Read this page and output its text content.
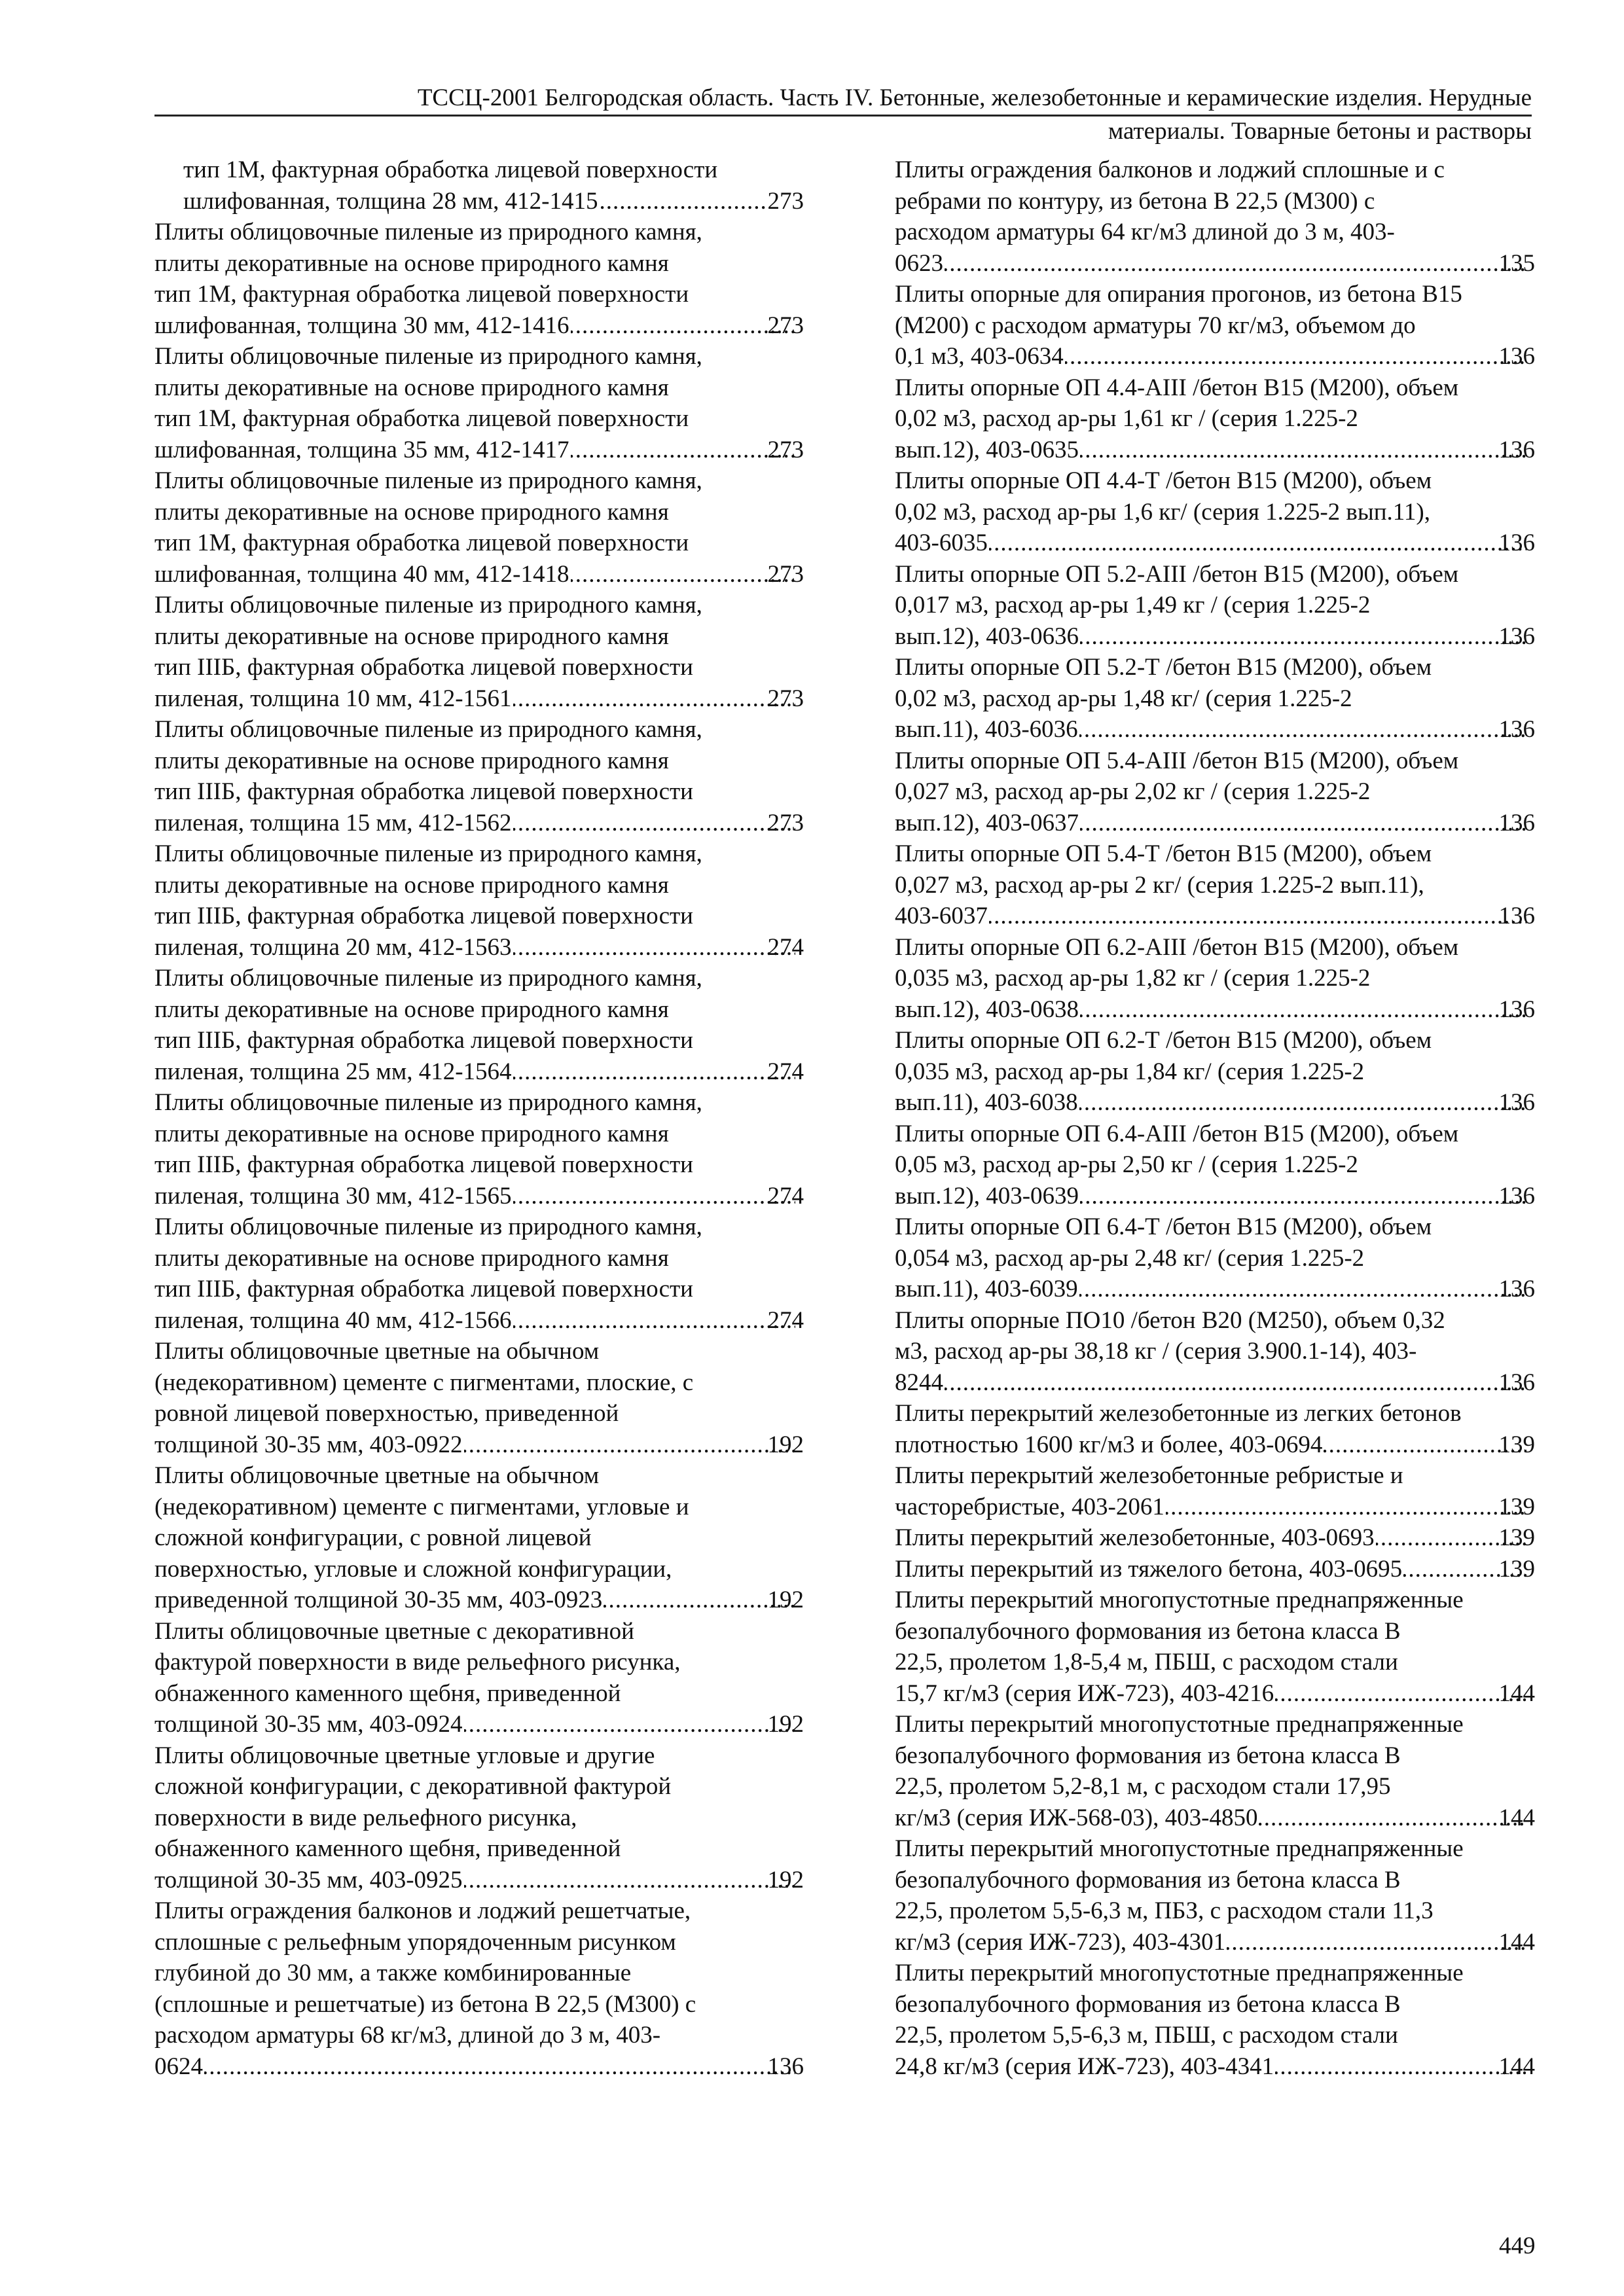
ТССЦ-2001 Белгородская область. Часть IV. Бетонные, железобетонные и керамические изделия. Нерудные
материалы. Товарные бетоны и растворы
тип 1М, фактурная обработка лицевой поверхности
шлифованная, толщина 28 мм, 412-1415 .....	273
Плиты облицовочные пиленые из природного камня,
плиты декоративные на основе природного камня
тип 1М, фактурная обработка лицевой поверхности
шлифованная, толщина 30 мм, 412-1416 .....	273
Плиты облицовочные пиленые из природного камня,
плиты декоративные на основе природного камня
тип 1М, фактурная обработка лицевой поверхности
шлифованная, толщина 35 мм, 412-1417 .....	273
Плиты облицовочные пиленые из природного камня,
плиты декоративные на основе природного камня
тип 1М, фактурная обработка лицевой поверхности
шлифованная, толщина 40 мм, 412-1418 .....	273
Плиты облицовочные пиленые из природного камня,
плиты декоративные на основе природного камня
тип IIIБ, фактурная обработка лицевой поверхности
пиленая, толщина 10 мм, 412-1561 .....	273
Плиты облицовочные пиленые из природного камня,
плиты декоративные на основе природного камня
тип IIIБ, фактурная обработка лицевой поверхности
пиленая, толщина 15 мм, 412-1562 .....	273
Плиты облицовочные пиленые из природного камня,
плиты декоративные на основе природного камня
тип IIIБ, фактурная обработка лицевой поверхности
пиленая, толщина 20 мм, 412-1563 .....	274
Плиты облицовочные пиленые из природного камня,
плиты декоративные на основе природного камня
тип IIIБ, фактурная обработка лицевой поверхности
пиленая, толщина 25 мм, 412-1564 .....	274
Плиты облицовочные пиленые из природного камня,
плиты декоративные на основе природного камня
тип IIIБ, фактурная обработка лицевой поверхности
пиленая, толщина 30 мм, 412-1565 .....	274
Плиты облицовочные пиленые из природного камня,
плиты декоративные на основе природного камня
тип IIIБ, фактурная обработка лицевой поверхности
пиленая, толщина 40 мм, 412-1566 .....	274
Плиты облицовочные цветные на обычном
(недекоративном) цементе с пигментами, плоские, с
ровной лицевой поверхностью, приведенной
толщиной 30-35 мм, 403-0922 .....	192
Плиты облицовочные цветные на обычном
(недекоративном) цементе с пигментами, угловые и
сложной конфигурации, с ровной лицевой
поверхностью, угловые и сложной конфигурации,
приведенной толщиной 30-35 мм, 403-0923 .....	192
Плиты облицовочные цветные с декоративной
фактурой поверхности в виде рельефного рисунка,
обнаженного каменного щебня, приведенной
толщиной 30-35 мм, 403-0924 .....	192
Плиты облицовочные цветные угловые и другие
сложной конфигурации, с декоративной фактурой
поверхности в виде рельефного рисунка,
обнаженного каменного щебня, приведенной
толщиной 30-35 мм, 403-0925 .....	192
Плиты ограждения балконов и лоджий решетчатые,
сплошные с рельефным упорядоченным рисунком
глубиной до 30 мм, а также комбинированные
(сплошные и решетчатые) из бетона В 22,5 (М300) с
расходом арматуры 68 кг/м3, длиной до 3 м, 403-
0624 .....	136
Плиты ограждения балконов и лоджий сплошные и с
ребрами по контуру, из бетона В 22,5 (М300) с
расходом арматуры 64 кг/м3 длиной до 3 м, 403-
0623 .....	135
Плиты опорные для опирания прогонов, из бетона В15
(М200) с расходом арматуры 70 кг/м3, объемом до
0,1 м3, 403-0634 .....	136
Плиты опорные ОП 4.4-АIII /бетон В15 (М200), объем
0,02 м3, расход ар-ры 1,61 кг / (серия 1.225-2
вып.12), 403-0635 .....	136
Плиты опорные ОП 4.4-Т /бетон В15 (М200), объем
0,02 м3, расход ар-ры 1,6 кг/ (серия 1.225-2 вып.11),
403-6035 .....	136
Плиты опорные ОП 5.2-АIII /бетон В15 (М200), объем
0,017 м3, расход ар-ры 1,49 кг / (серия 1.225-2
вып.12), 403-0636 .....	136
Плиты опорные ОП 5.2-Т /бетон В15 (М200), объем
0,02 м3, расход ар-ры 1,48 кг/ (серия 1.225-2
вып.11), 403-6036 .....	136
Плиты опорные ОП 5.4-АIII /бетон В15 (М200), объем
0,027 м3, расход ар-ры 2,02 кг / (серия 1.225-2
вып.12), 403-0637 .....	136
Плиты опорные ОП 5.4-Т /бетон В15 (М200), объем
0,027 м3, расход ар-ры 2 кг/ (серия 1.225-2 вып.11),
403-6037 .....	136
Плиты опорные ОП 6.2-АIII /бетон В15 (М200), объем
0,035 м3, расход ар-ры 1,82 кг / (серия 1.225-2
вып.12), 403-0638 .....	136
Плиты опорные ОП 6.2-Т /бетон В15 (М200), объем
0,035 м3, расход ар-ры 1,84 кг/ (серия 1.225-2
вып.11), 403-6038 .....	136
Плиты опорные ОП 6.4-АIII /бетон В15 (М200), объем
0,05 м3, расход ар-ры 2,50 кг / (серия 1.225-2
вып.12), 403-0639 .....	136
Плиты опорные ОП 6.4-Т /бетон В15 (М200), объем
0,054 м3, расход ар-ры 2,48 кг/ (серия 1.225-2
вып.11), 403-6039 .....	136
Плиты опорные ПО10 /бетон В20 (М250), объем 0,32
м3, расход ар-ры 38,18 кг / (серия 3.900.1-14), 403-
8244 .....	136
Плиты перекрытий железобетонные из легких бетонов
плотностью 1600 кг/м3 и более, 403-0694 .....	139
Плиты перекрытий железобетонные ребристые и
часторебристые, 403-2061 .....	139
Плиты перекрытий железобетонные, 403-0693 .....	139
Плиты перекрытий из тяжелого бетона, 403-0695 .....	139
Плиты перекрытий многопустотные преднапряженные
безопалубочного формования из бетона класса В
22,5, пролетом 1,8-5,4 м, ПБШ, с расходом стали
15,7 кг/м3 (серия ИЖ-723), 403-4216 .....	144
Плиты перекрытий многопустотные преднапряженные
безопалубочного формования из бетона класса В
22,5, пролетом 5,2-8,1 м, с расходом стали 17,95
кг/м3 (серия ИЖ-568-03), 403-4850 .....	144
Плиты перекрытий многопустотные преднапряженные
безопалубочного формования из бетона класса В
22,5, пролетом 5,5-6,3 м, ПБЗ, с расходом стали 11,3
кг/м3 (серия ИЖ-723), 403-4301 .....	144
Плиты перекрытий многопустотные преднапряженные
безопалубочного формования из бетона класса В
22,5, пролетом 5,5-6,3 м, ПБШ, с расходом стали
24,8 кг/м3 (серия ИЖ-723), 403-4341 .....	144
449
